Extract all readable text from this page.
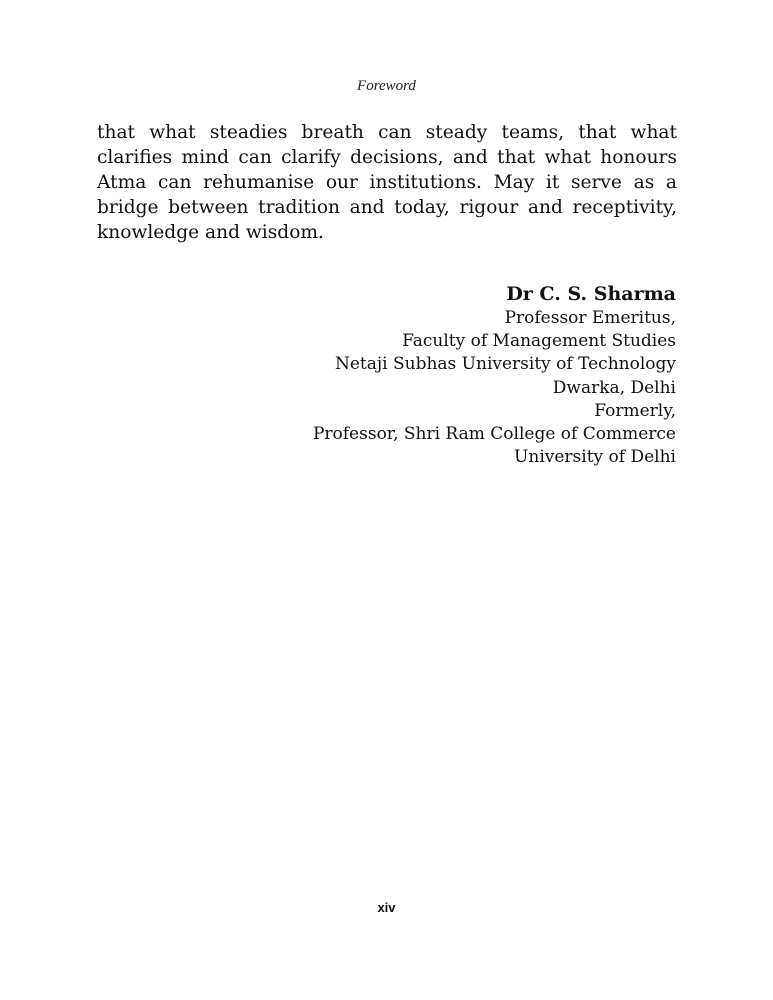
Foreword

that what steadies breath can steady teams, that what clarifies mind can clarify decisions, and that what honours Atma can rehumanise our institutions. May it serve as a bridge between tradition and today, rigour and receptivity, knowledge and wisdom.

Dr C. S. Sharma
Professor Emeritus,
Faculty of Management Studies
Netaji Subhas University of Technology
Dwarka, Delhi
Formerly,
Professor, Shri Ram College of Commerce
University of Delhi
xiv
